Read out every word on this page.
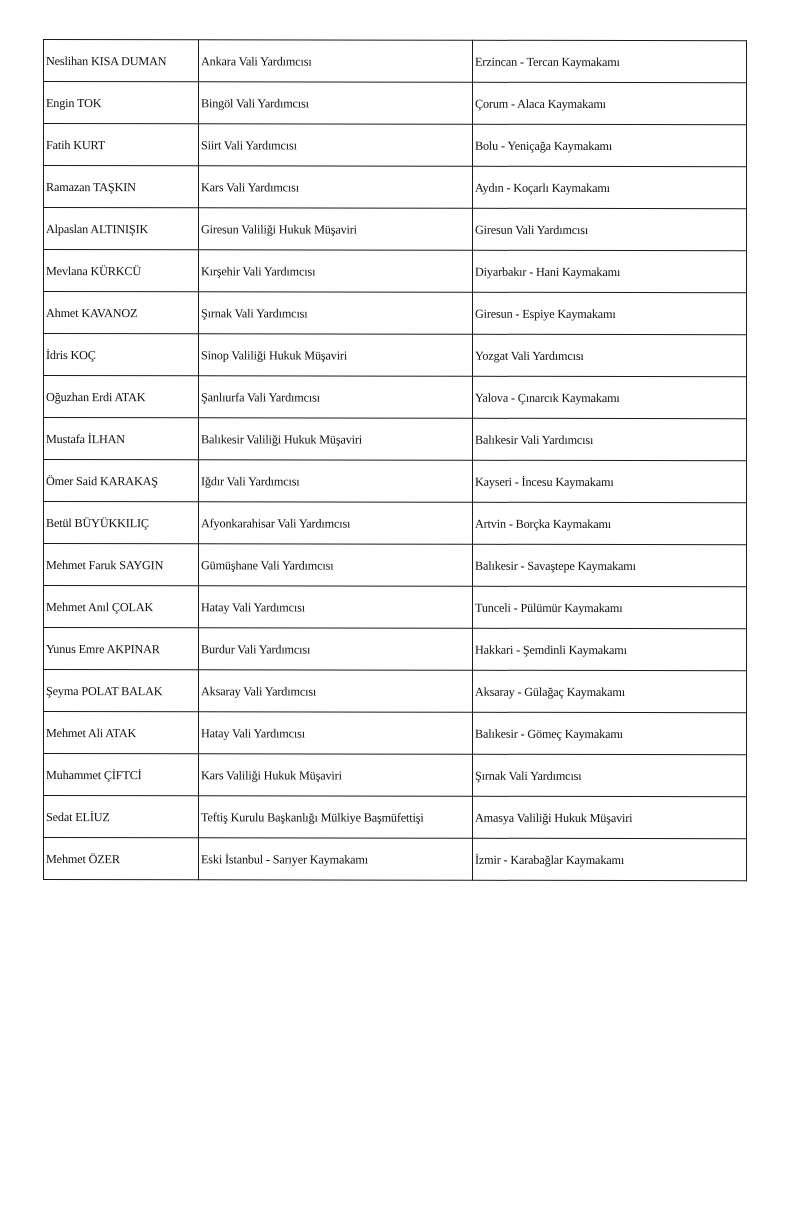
Neslihan KISA DUMAN	Ankara Vali Yardımcısı	Erzincan - Tercan Kaymakamı
Engin TOK	Bingöl Vali Yardımcısı	Çorum - Alaca Kaymakamı
Fatih KURT	Siirt Vali Yardımcısı	Bolu - Yeniçağa Kaymakamı
Ramazan TAŞKIN	Kars Vali Yardımcısı	Aydın - Koçarlı Kaymakamı
Alpaslan ALTINIŞIK	Giresun Valiliği Hukuk Müşaviri	Giresun Vali Yardımcısı
Mevlana KÜRKCÜ	Kırşehir Vali Yardımcısı	Diyarbakır - Hani Kaymakamı
Ahmet KAVANOZ	Şırnak Vali Yardımcısı	Giresun - Espiye Kaymakamı
İdris KOÇ	Sinop Valiliği Hukuk Müşaviri	Yozgat Vali Yardımcısı
Oğuzhan Erdi ATAK	Şanlıurfa Vali Yardımcısı	Yalova - Çınarcık Kaymakamı
Mustafa İLHAN	Balıkesir Valiliği Hukuk Müşaviri	Balıkesir Vali Yardımcısı
Ömer Said KARAKAŞ	Iğdır Vali Yardımcısı	Kayseri - İncesu Kaymakamı
Betül BÜYÜKKILIÇ	Afyonkarahisar Vali Yardımcısı	Artvin - Borçka Kaymakamı
Mehmet Faruk SAYGIN	Gümüşhane Vali Yardımcısı	Balıkesir - Savaştepe Kaymakamı
Mehmet Anıl ÇOLAK	Hatay Vali Yardımcısı	Tunceli - Pülümür Kaymakamı
Yunus Emre AKPINAR	Burdur Vali Yardımcısı	Hakkari - Şemdinli Kaymakamı
Şeyma POLAT BALAK	Aksaray Vali Yardımcısı	Aksaray - Gülağaç Kaymakamı
Mehmet Ali ATAK	Hatay Vali Yardımcısı	Balıkesir - Gömeç Kaymakamı
Muhammet ÇİFTCİ	Kars Valiliği Hukuk Müşaviri	Şırnak Vali Yardımcısı
Sedat ELİUZ	Teftiş Kurulu Başkanlığı Mülkiye Başmüfettişi	Amasya Valiliği Hukuk Müşaviri
Mehmet ÖZER	Eski İstanbul - Sarıyer Kaymakamı	İzmir - Karabağlar Kaymakamı
